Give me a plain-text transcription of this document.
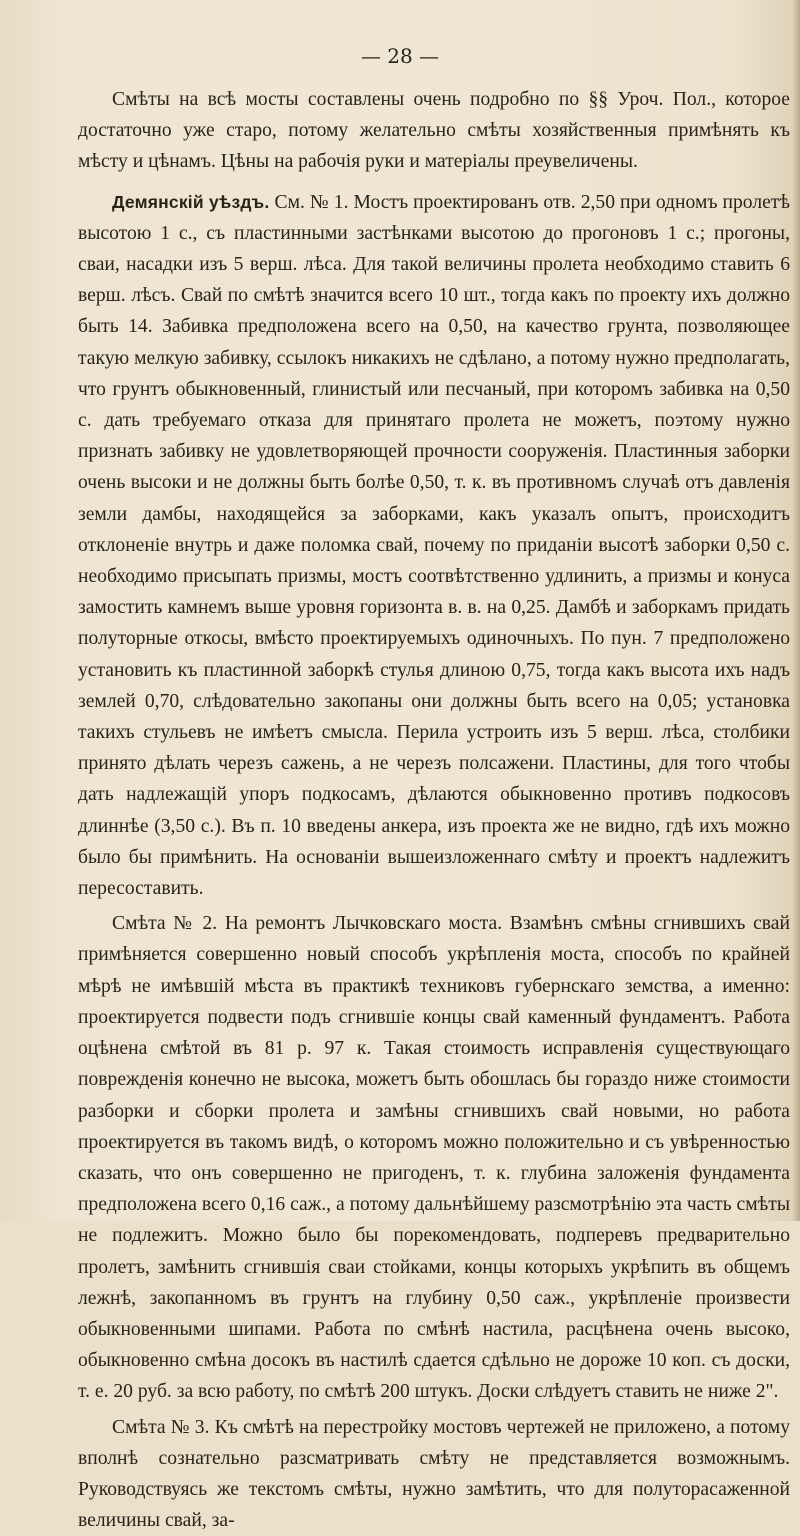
— 28 —

Смѣты на всѣ мосты составлены очень подробно по §§ Уроч. Пол., которое достаточно уже старо, потому желательно смѣты хозяйственныя примѣнять къ мѣсту и цѣнамъ. Цѣны на рабочія руки и матеріалы преувеличены.

Демянскій уѣздъ. См. № 1. Мостъ проектированъ отв. 2,50 при одномъ пролетѣ высотою 1 с., съ пластинными застѣнками высотою до прогоновъ 1 с.; прогоны, сваи, насадки изъ 5 верш. лѣса. Для такой величины пролета необходимо ставить 6 верш. лѣсъ. Свай по смѣтѣ значится всего 10 шт., тогда какъ по проекту ихъ должно быть 14. Забивка предположена всего на 0,50, на качество грунта, позволяющее такую мелкую забивку, ссылокъ никакихъ не сдѣлано, а потому нужно предполагать, что грунтъ обыкновенный, глинистый или песчаный, при которомъ забивка на 0,50 с. дать требуемаго отказа для принятаго пролета не можетъ, поэтому нужно признать забивку не удовлетворяющей прочности сооруженія. Пластинныя заборки очень высоки и не должны быть болѣе 0,50, т. к. въ противномъ случаѣ отъ давленія земли дамбы, находящейся за заборками, какъ указалъ опытъ, происходитъ отклоненіе внутрь и даже поломка свай, почему по приданіи высотѣ заборки 0,50 с. необходимо присыпать призмы, мостъ соотвѣтственно удлинить, а призмы и конуса замостить камнемъ выше уровня горизонта в. в. на 0,25. Дамбѣ и заборкамъ придать полуторные откосы, вмѣсто проектируемыхъ одиночныхъ. По пун. 7 предположено установить къ пластинной заборкѣ стулья длиною 0,75, тогда какъ высота ихъ надъ землей 0,70, слѣдовательно закопаны они должны быть всего на 0,05; установка такихъ стульевъ не имѣетъ смысла. Перила устроить изъ 5 верш. лѣса, столбики принято дѣлать черезъ сажень, а не черезъ полсажени. Пластины, для того чтобы дать надлежащій упоръ подкосамъ, дѣлаются обыкновенно противъ подкосовъ длиннѣе (3,50 с.). Въ п. 10 введены анкера, изъ проекта же не видно, гдѣ ихъ можно было бы примѣнить. На основаніи вышеизложеннаго смѣту и проектъ надлежитъ пересоставить.

Смѣта № 2. На ремонтъ Лычковскаго моста. Взамѣнъ смѣны сгнившихъ свай примѣняется совершенно новый способъ укрѣпленія моста, способъ по крайней мѣрѣ не имѣвшій мѣста въ практикѣ техниковъ губернскаго земства, а именно: проектируется подвести подъ сгнившіе концы свай каменный фундаментъ. Работа оцѣнена смѣтой въ 81 р. 97 к. Такая стоимость исправленія существующаго поврежденія конечно не высока, можетъ быть обошлась бы гораздо ниже стоимости разборки и сборки пролета и замѣны сгнившихъ свай новыми, но работа проектируется въ такомъ видѣ, о которомъ можно положительно и съ увѣренностью сказать, что онъ совершенно не пригоденъ, т. к. глубина заложенія фундамента предположена всего 0,16 саж., а потому дальнѣйшему разсмотрѣнію эта часть смѣты не подлежитъ. Можно было бы порекомендовать, подперевъ предварительно пролетъ, замѣнить сгнившія сваи стойками, концы которыхъ укрѣпить въ общемъ лежнѣ, закопанномъ въ грунтъ на глубину 0,50 саж., укрѣпленіе произвести обыкновенными шипами. Работа по смѣнѣ настила, расцѣнена очень высоко, обыкновенно смѣна досокъ въ настилѣ сдается сдѣльно не дороже 10 коп. съ доски, т. е. 20 руб. за всю работу, по смѣтѣ 200 штукъ. Доски слѣдуетъ ставить не ниже 2".

Смѣта № 3. Къ смѣтѣ на перестройку мостовъ чертежей не приложено, а потому вполнѣ сознательно разсматривать смѣту не представляется возможнымъ. Руководствуясь же текстомъ смѣты, нужно замѣтить, что для полуторасаженной величины свай, за-
